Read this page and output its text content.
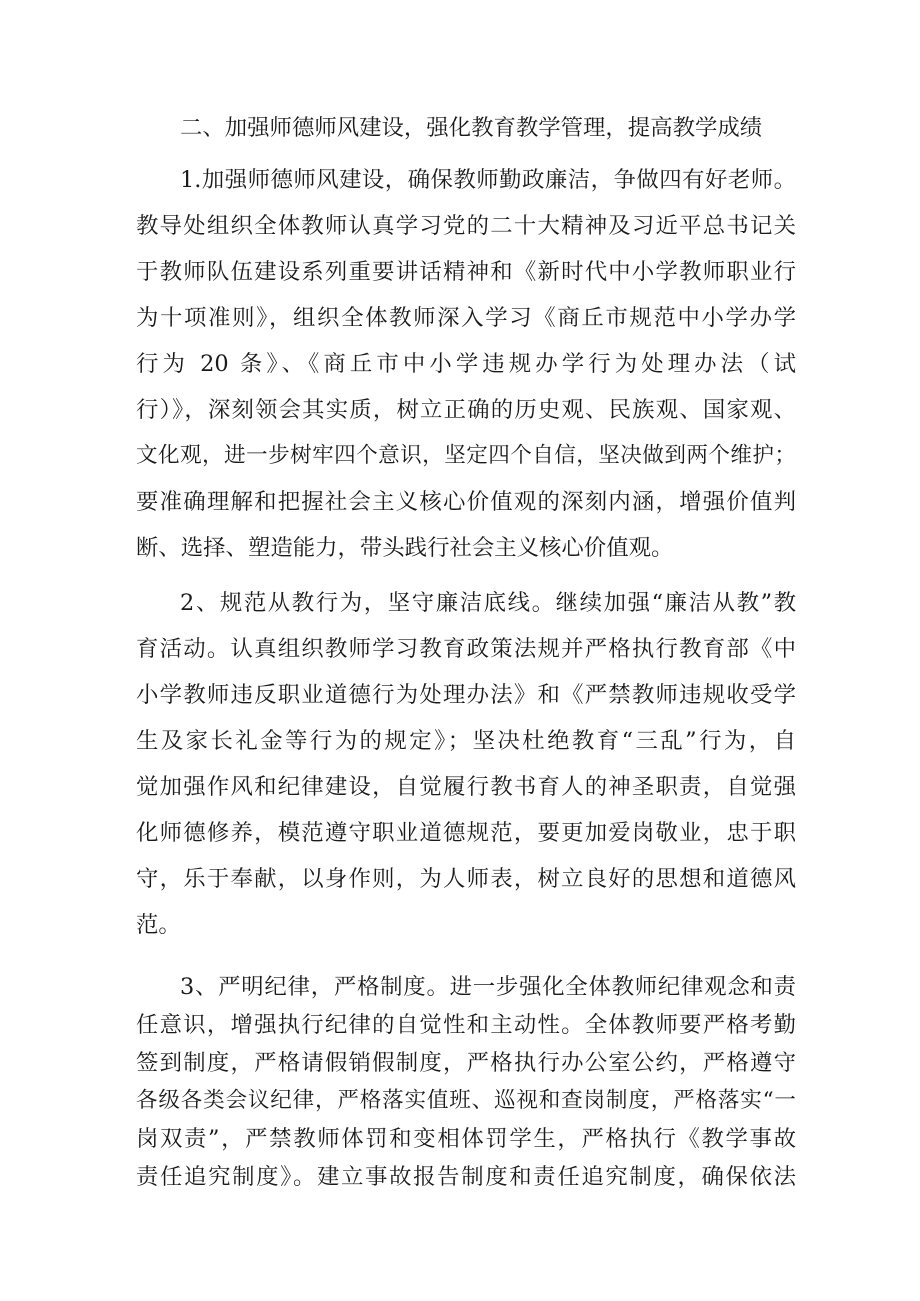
二、加强师德师风建设，强化教育教学管理，提高教学成绩
1.加强师德师风建设，确保教师勤政廉洁，争做四有好老师。
教导处组织全体教师认真学习党的二十大精神及习近平总书记关
于教师队伍建设系列重要讲话精神和《新时代中小学教师职业行
为十项准则》，组织全体教师深入学习《商丘市规范中小学办学
行为 20 条》、《商丘市中小学违规办学行为处理办法（试
行）》，深刻领会其实质，树立正确的历史观、民族观、国家观、
文化观，进一步树牢四个意识，坚定四个自信，坚决做到两个维护；
要准确理解和把握社会主义核心价值观的深刻内涵，增强价值判
断、选择、塑造能力，带头践行社会主义核心价值观。
2、规范从教行为，坚守廉洁底线。继续加强“廉洁从教”教
育活动。认真组织教师学习教育政策法规并严格执行教育部《中
小学教师违反职业道德行为处理办法》和《严禁教师违规收受学
生及家长礼金等行为的规定》；坚决杜绝教育“三乱”行为，自
觉加强作风和纪律建设，自觉履行教书育人的神圣职责，自觉强
化师德修养，模范遵守职业道德规范，要更加爱岗敬业，忠于职
守，乐于奉献，以身作则，为人师表，树立良好的思想和道德风
范。
3、严明纪律，严格制度。进一步强化全体教师纪律观念和责
任意识，增强执行纪律的自觉性和主动性。全体教师要严格考勤
签到制度，严格请假销假制度，严格执行办公室公约，严格遵守
各级各类会议纪律，严格落实值班、巡视和查岗制度，严格落实“一
岗双责”，严禁教师体罚和变相体罚学生，严格执行《教学事故
责任追究制度》。建立事故报告制度和责任追究制度，确保依法
